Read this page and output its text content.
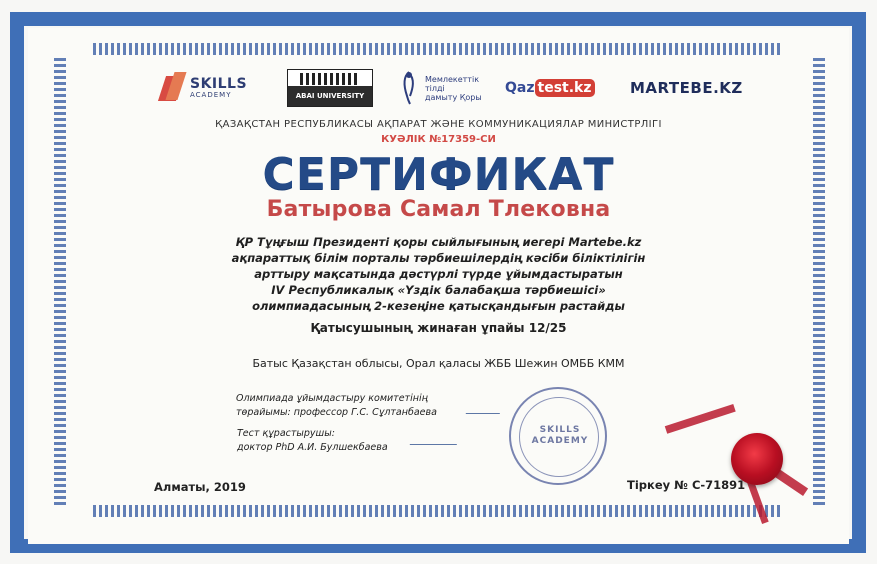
SKILLS
ACADEMY	ABAI UNIVERSITY
Мемлекеттік
тілді
дамыту Қоры
Qaz test.kz	MARTEBE.KZ
ҚАЗАҚСТАН РЕСПУБЛИКАСЫ АҚПАРАТ ЖӘНЕ КОММУНИКАЦИЯЛАР МИНИСТРЛІГІ
КУӘЛІК №17359-СИ
СЕРТИФИКАТ
Батырова Самал Тлековна
ҚР Тұңғыш Президенті қоры сыйлығының иегері Martebe.kz
ақпараттық білім порталы тәрбиешілердің кәсіби біліктілігін
арттыру мақсатында дәстүрлі түрде ұйымдастыратын
IV Республикалық «Үздік балабақша тәрбиешісі»
олимпиадасының 2-кезеңіне қатысқандығын растайды
Қатысушының жинаған ұпайы 12/25
Батыс Қазақстан облысы, Орал қаласы ЖББ Шежин ОМББ КММ
Олимпиада ұйымдастыру комитетінің
төрайымы: профессор Г.С. Сұлтанбаева
Тест құрастырушы:
доктор PhD А.И. Булшекбаева
SKILLS
ACADEMY
Алматы, 2019	Тіркеу № С-71891
